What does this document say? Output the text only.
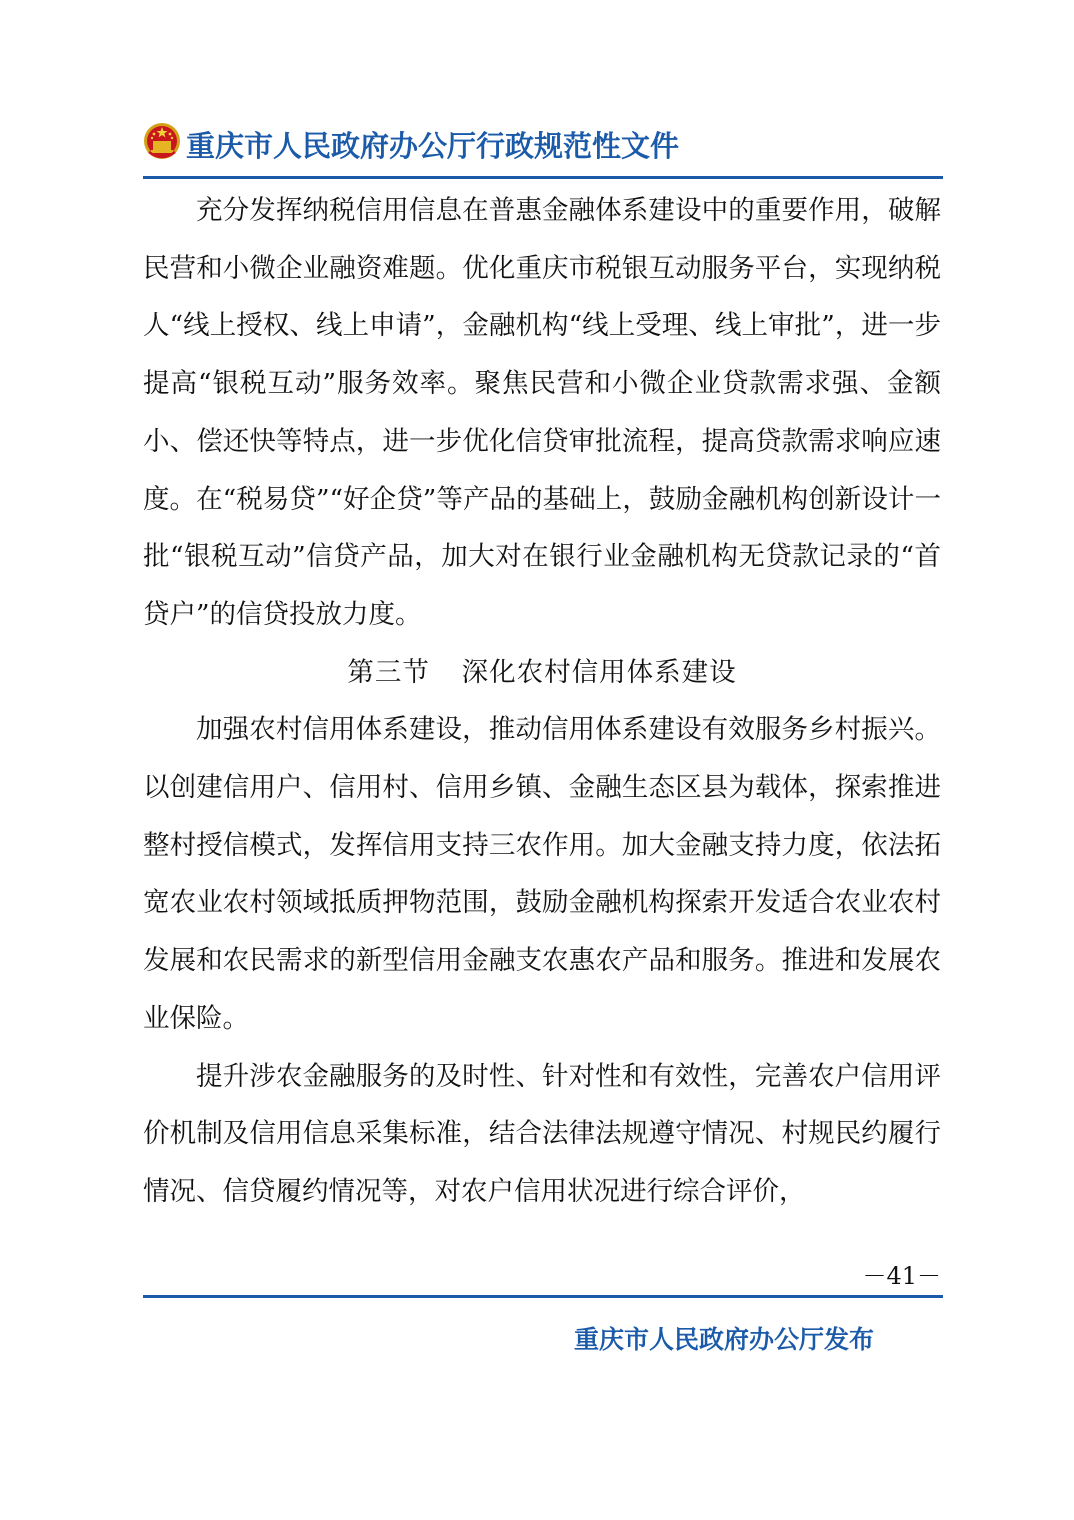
重庆市人民政府办公厅行政规范性文件

充分发挥纳税信用信息在普惠金融体系建设中的重要作用，破解民营和小微企业融资难题。优化重庆市税银互动服务平台，实现纳税人“线上授权、线上申请”，金融机构“线上受理、线上审批”，进一步提高“银税互动”服务效率。聚焦民营和小微企业贷款需求强、金额小、偿还快等特点，进一步优化信贷审批流程，提高贷款需求响应速度。在“税易贷”“好企贷”等产品的基础上，鼓励金融机构创新设计一批“银税互动”信贷产品，加大对在银行业金融机构无贷款记录的“首贷户”的信贷投放力度。

第三节 深化农村信用体系建设

加强农村信用体系建设，推动信用体系建设有效服务乡村振兴。以创建信用户、信用村、信用乡镇、金融生态区县为载体，探索推进整村授信模式，发挥信用支持三农作用。加大金融支持力度，依法拓宽农业农村领域抵质押物范围，鼓励金融机构探索开发适合农业农村发展和农民需求的新型信用金融支农惠农产品和服务。推进和发展农业保险。

提升涉农金融服务的及时性、针对性和有效性，完善农户信用评价机制及信用信息采集标准，结合法律法规遵守情况、村规民约履行情况、信贷履约情况等，对农户信用状况进行综合评价，

－41－
重庆市人民政府办公厅发布
